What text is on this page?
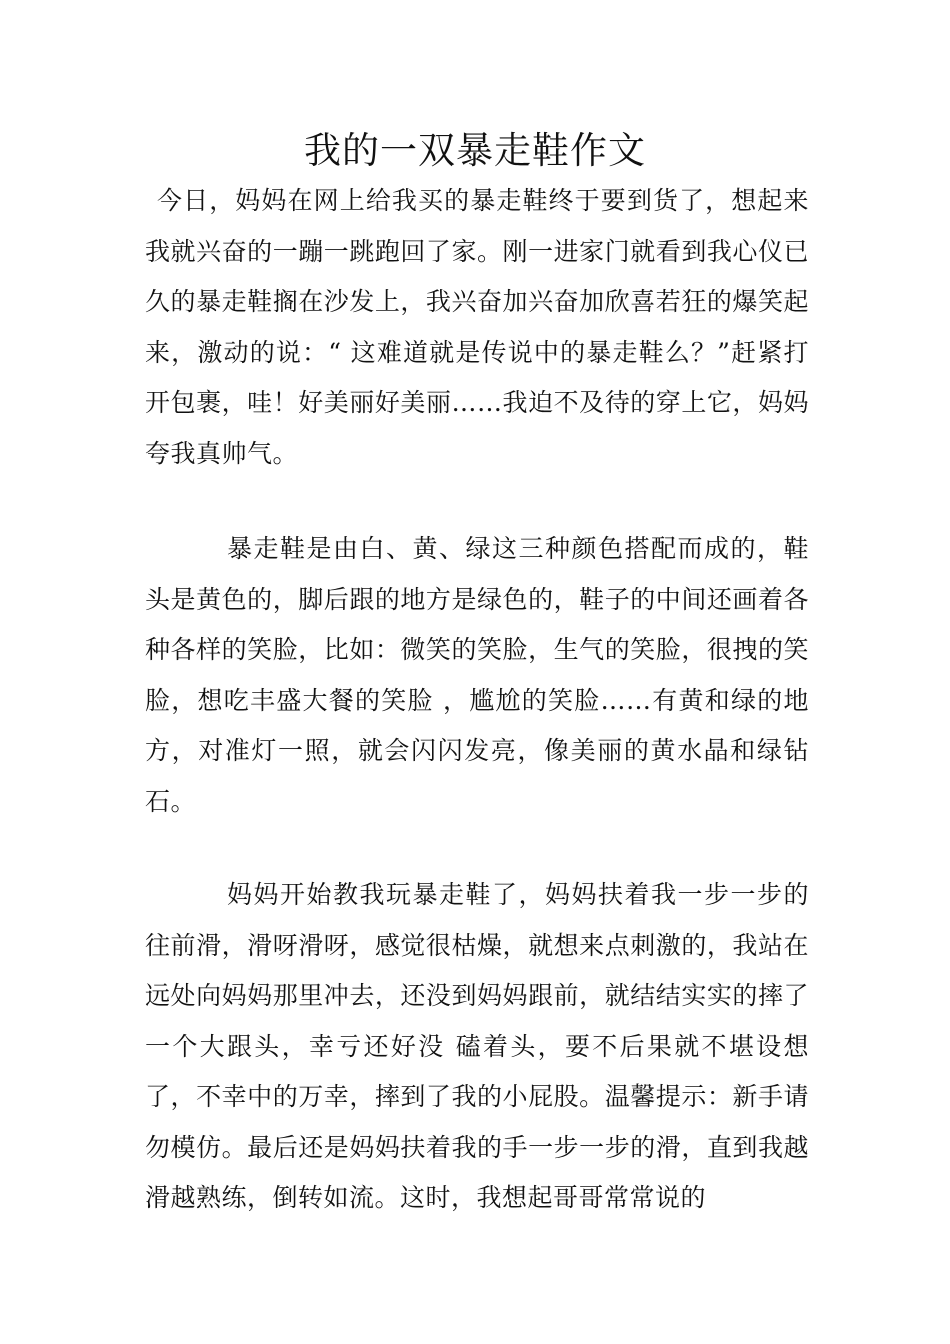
我的一双暴走鞋作文

今日，妈妈在网上给我买的暴走鞋终于要到货了，想起来我就兴奋的一蹦一跳跑回了家。刚一进家门就看到我心仪已久的暴走鞋搁在沙发上，我兴奋加兴奋加欣喜若狂的爆笑起来，激动的说：“ 这难道就是传说中的暴走鞋么？”赶紧打开包裹，哇！好美丽好美丽……我迫不及待的穿上它，妈妈夸我真帅气。

暴走鞋是由白、黄、绿这三种颜色搭配而成的，鞋头是黄色的，脚后跟的地方是绿色的，鞋子的中间还画着各种各样的笑脸，比如：微笑的笑脸，生气的笑脸，很拽的笑脸，想吃丰盛大餐的笑脸 ，尴尬的笑脸……有黄和绿的地方，对准灯一照，就会闪闪发亮，像美丽的黄水晶和绿钻石。

妈妈开始教我玩暴走鞋了，妈妈扶着我一步一步的往前滑，滑呀滑呀，感觉很枯燥，就想来点刺激的，我站在远处向妈妈那里冲去，还没到妈妈跟前，就结结实实的摔了一个大跟头，幸亏还好没 磕着头，要不后果就不堪设想了，不幸中的万幸，摔到了我的小屁股。温馨提示：新手请勿模仿。最后还是妈妈扶着我的手一步一步的滑，直到我越滑越熟练，倒转如流。这时，我想起哥哥常常说的
